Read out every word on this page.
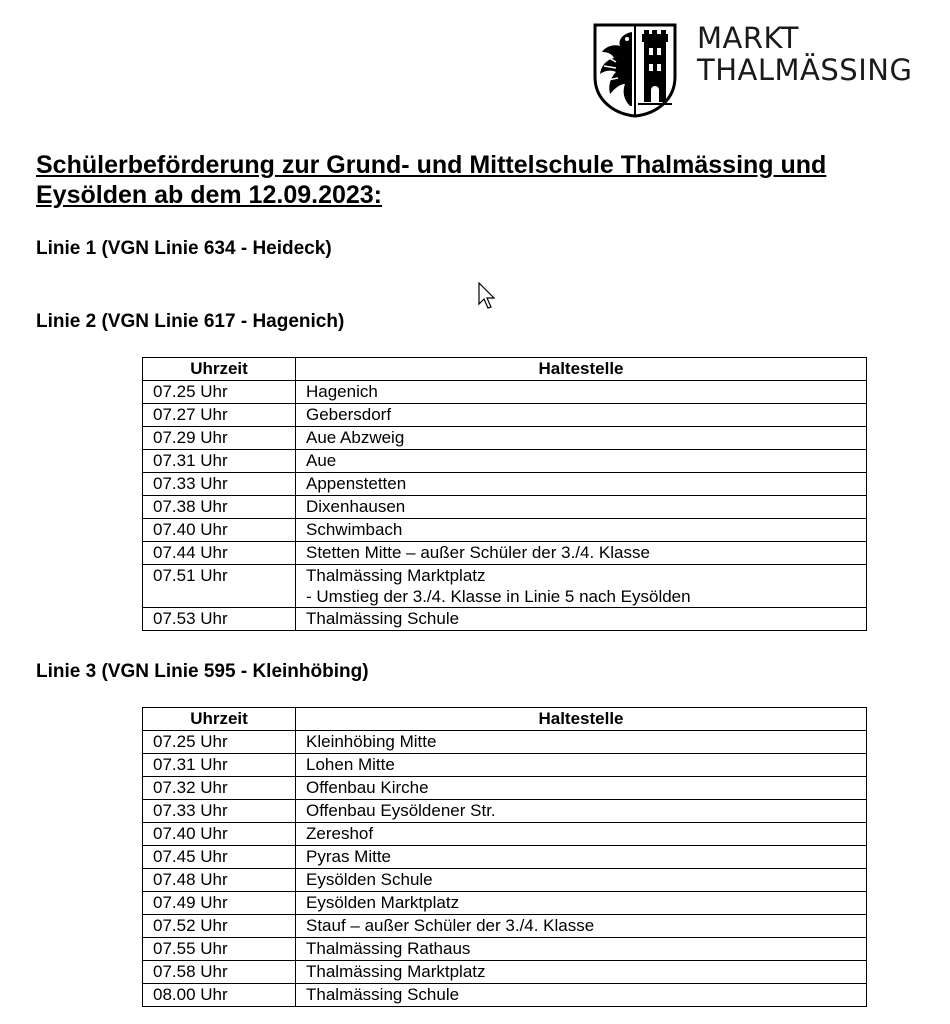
MARKT
THALMÄSSING
Schülerbeförderung zur Grund- und Mittelschule Thalmässing und
Eysölden ab dem 12.09.2023:
Linie 1 (VGN Linie 634 - Heideck)
Linie 2 (VGN Linie 617 - Hagenich)
Uhrzeit	Haltestelle
07.25 Uhr	Hagenich

07.27 Uhr	Gebersdorf

07.29 Uhr	Aue Abzweig

07.31 Uhr	Aue

07.33 Uhr	Appenstetten

07.38 Uhr	Dixenhausen

07.40 Uhr	Schwimbach

07.44 Uhr	Stetten Mitte – außer Schüler der 3./4. Klasse

07.51 Uhr	Thalmässing Marktplatz
- Umstieg der 3./4. Klasse in Linie 5 nach Eysölden

07.53 Uhr	Thalmässing Schule
Linie 3 (VGN Linie 595 - Kleinhöbing)
Uhrzeit	Haltestelle
07.25 Uhr	Kleinhöbing Mitte

07.31 Uhr	Lohen Mitte

07.32 Uhr	Offenbau Kirche

07.33 Uhr	Offenbau Eysöldener Str.

07.40 Uhr	Zereshof

07.45 Uhr	Pyras Mitte

07.48 Uhr	Eysölden Schule

07.49 Uhr	Eysölden Marktplatz

07.52 Uhr	Stauf – außer Schüler der 3./4. Klasse

07.55 Uhr	Thalmässing Rathaus

07.58 Uhr	Thalmässing Marktplatz

08.00 Uhr	Thalmässing Schule
